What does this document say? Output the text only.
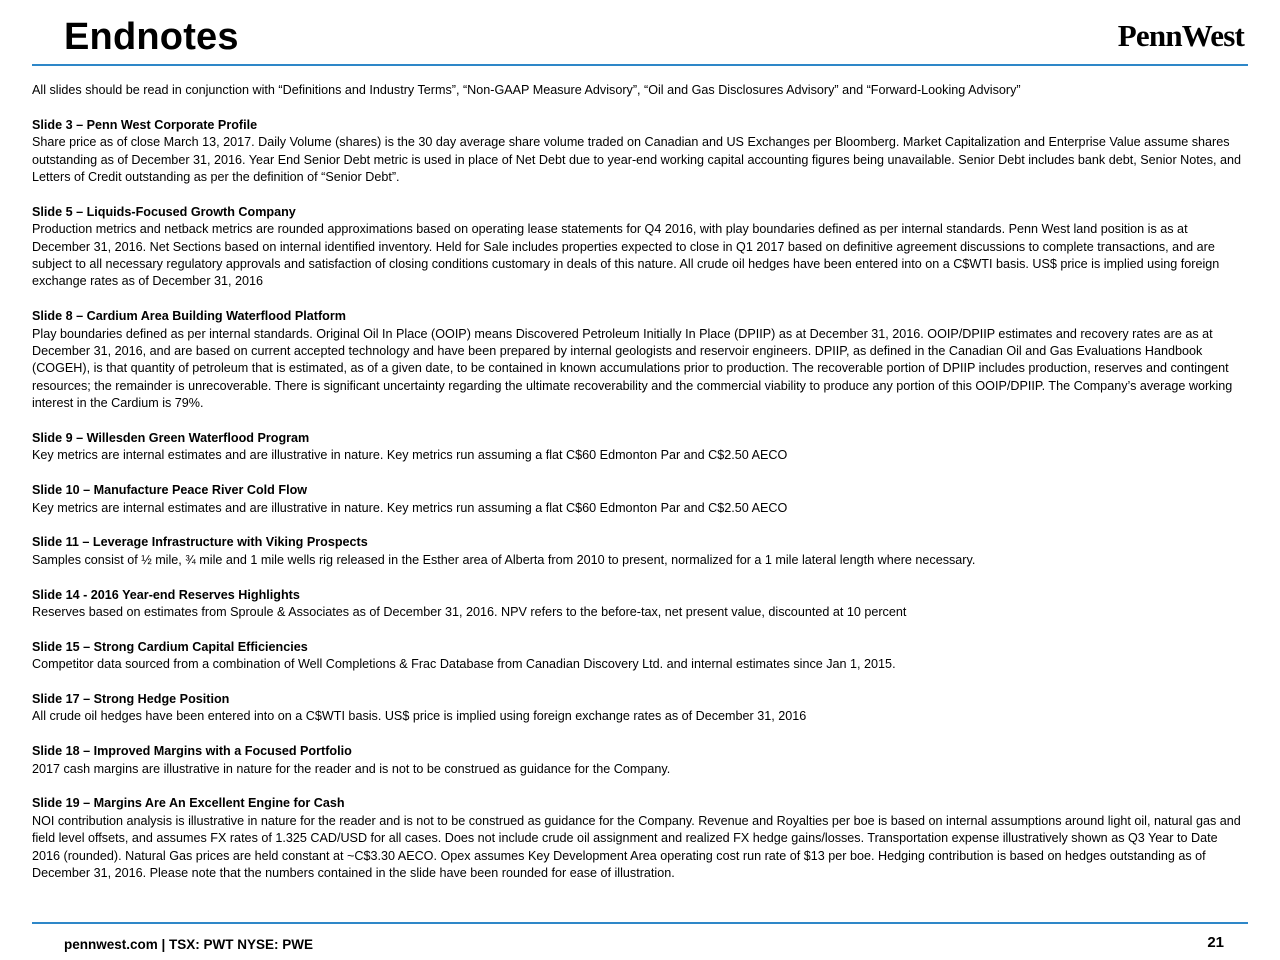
Endnotes	PennWest

All slides should be read in conjunction with “Definitions and Industry Terms”, “Non-GAAP Measure Advisory”, “Oil and Gas Disclosures Advisory” and “Forward-Looking Advisory”

Slide 3 – Penn West Corporate Profile
Share price as of close March 13, 2017. Daily Volume (shares) is the 30 day average share volume traded on Canadian and US Exchanges per Bloomberg. Market Capitalization and Enterprise Value assume shares outstanding as of December 31, 2016. Year End Senior Debt metric is used in place of Net Debt due to year-end working capital accounting figures being unavailable. Senior Debt includes bank debt, Senior Notes, and Letters of Credit outstanding as per the definition of “Senior Debt”.
Slide 5 – Liquids-Focused Growth Company
Production metrics and netback metrics are rounded approximations based on operating lease statements for Q4 2016, with play boundaries defined as per internal standards. Penn West land position is as at December 31, 2016. Net Sections based on internal identified inventory. Held for Sale includes properties expected to close in Q1 2017 based on definitive agreement discussions to complete transactions, and are subject to all necessary regulatory approvals and satisfaction of closing conditions customary in deals of this nature. All crude oil hedges have been entered into on a C$WTI basis. US$ price is implied using foreign exchange rates as of December 31, 2016
Slide 8 – Cardium Area Building Waterflood Platform
Play boundaries defined as per internal standards. Original Oil In Place (OOIP) means Discovered Petroleum Initially In Place (DPIIP) as at December 31, 2016. OOIP/DPIIP estimates and recovery rates are as at December 31, 2016, and are based on current accepted technology and have been prepared by internal geologists and reservoir engineers. DPIIP, as defined in the Canadian Oil and Gas Evaluations Handbook (COGEH), is that quantity of petroleum that is estimated, as of a given date, to be contained in known accumulations prior to production. The recoverable portion of DPIIP includes production, reserves and contingent resources; the remainder is unrecoverable. There is significant uncertainty regarding the ultimate recoverability and the commercial viability to produce any portion of this OOIP/DPIIP. The Company’s average working interest in the Cardium is 79%.
Slide 9 – Willesden Green Waterflood Program
Key metrics are internal estimates and are illustrative in nature. Key metrics run assuming a flat C$60 Edmonton Par and C$2.50 AECO
Slide 10 – Manufacture Peace River Cold Flow
Key metrics are internal estimates and are illustrative in nature. Key metrics run assuming a flat C$60 Edmonton Par and C$2.50 AECO
Slide 11 – Leverage Infrastructure with Viking Prospects
Samples consist of ½ mile, ¾ mile and 1 mile wells rig released in the Esther area of Alberta from 2010 to present, normalized for a 1 mile lateral length where necessary.
Slide 14 - 2016 Year-end Reserves Highlights
Reserves based on estimates from Sproule & Associates as of December 31, 2016. NPV refers to the before-tax, net present value, discounted at 10 percent
Slide 15 – Strong Cardium Capital Efficiencies
Competitor data sourced from a combination of Well Completions & Frac Database from Canadian Discovery Ltd. and internal estimates since Jan 1, 2015.
Slide 17 – Strong Hedge Position
All crude oil hedges have been entered into on a C$WTI basis. US$ price is implied using foreign exchange rates as of December 31, 2016
Slide 18 – Improved Margins with a Focused Portfolio
2017 cash margins are illustrative in nature for the reader and is not to be construed as guidance for the Company.
Slide 19 – Margins Are An Excellent Engine for Cash
NOI contribution analysis is illustrative in nature for the reader and is not to be construed as guidance for the Company. Revenue and Royalties per boe is based on internal assumptions around light oil, natural gas and field level offsets, and assumes FX rates of 1.325 CAD/USD for all cases. Does not include crude oil assignment and realized FX hedge gains/losses. Transportation expense illustratively shown as Q3 Year to Date 2016 (rounded). Natural Gas prices are held constant at ~C$3.30 AECO. Opex assumes Key Development Area operating cost run rate of $13 per boe. Hedging contribution is based on hedges outstanding as of December 31, 2016. Please note that the numbers contained in the slide have been rounded for ease of illustration.
pennwest.com | TSX: PWT NYSE: PWE	21
